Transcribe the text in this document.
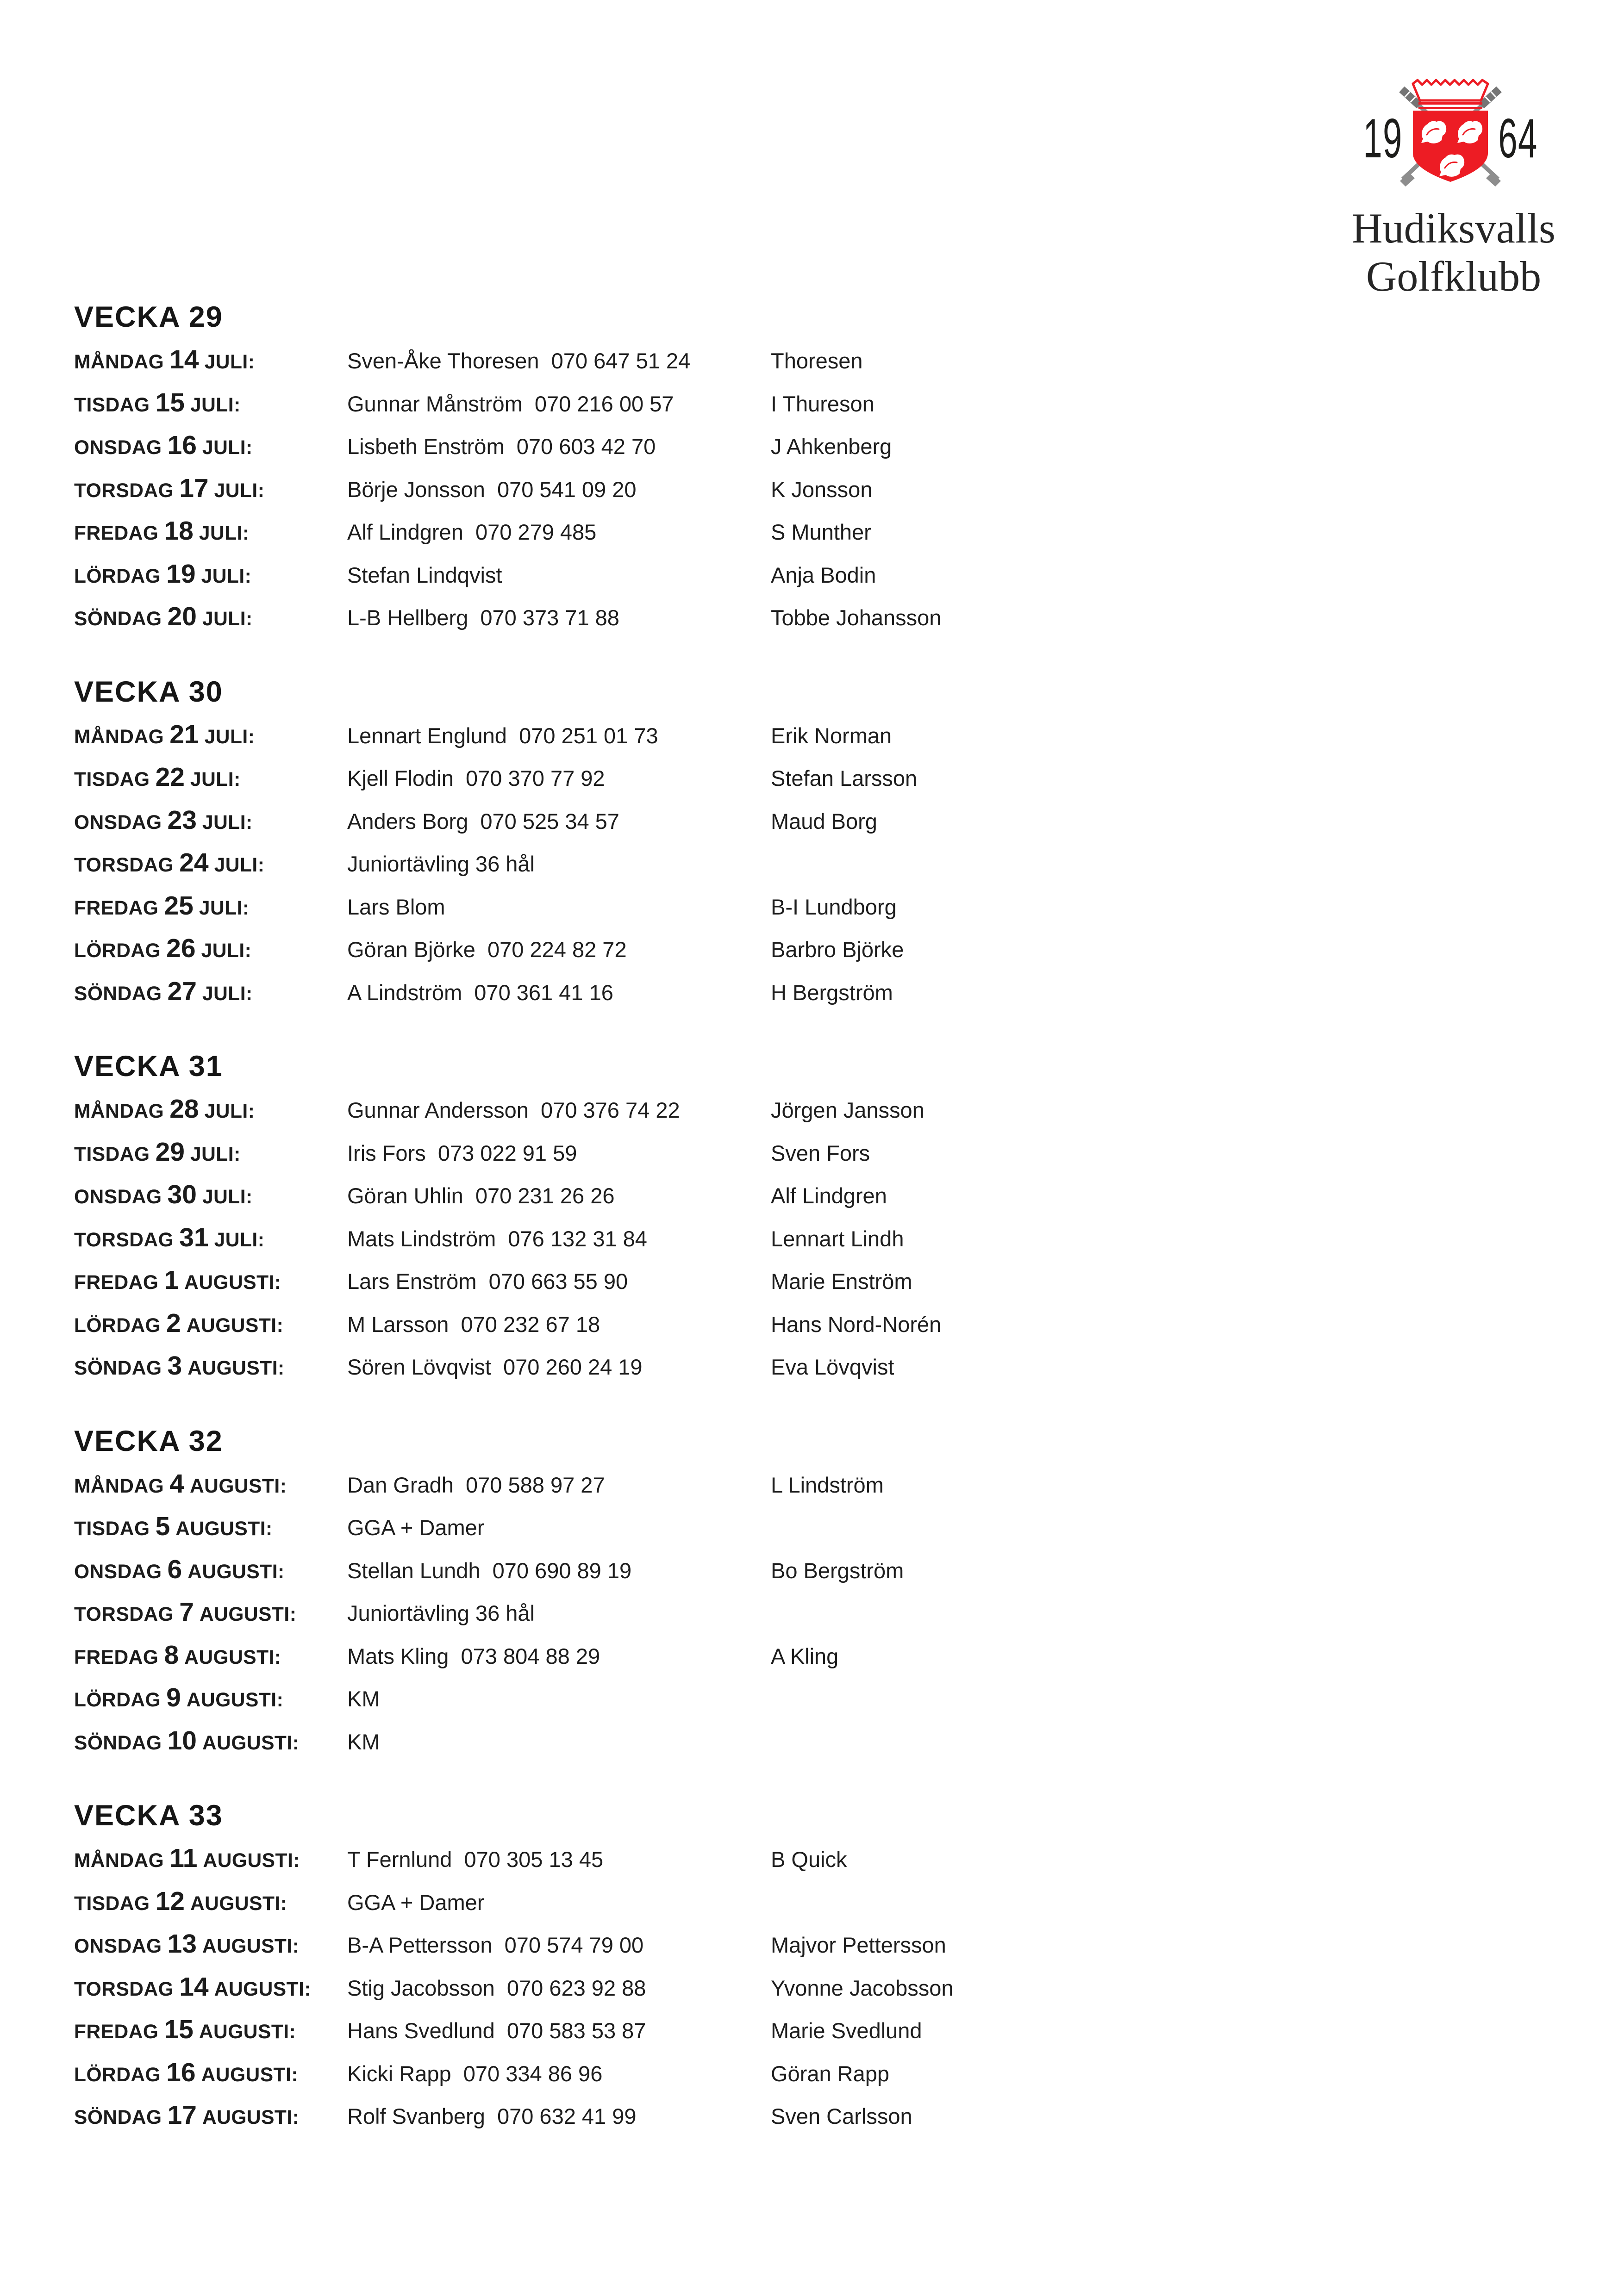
19 64
Hudiksvalls
Golfklubb
VECKA 29
MÅNDAG 14 JULI:	Sven-Åke Thoresen  070 647 51 24	Thoresen
TISDAG 15 JULI:	Gunnar Månström  070 216 00 57	I Thureson
ONSDAG 16 JULI:	Lisbeth Enström  070 603 42 70	J Ahkenberg
TORSDAG 17 JULI:	Börje Jonsson  070 541 09 20	K Jonsson
FREDAG 18 JULI:	Alf Lindgren  070 279 485	S Munther
LÖRDAG 19 JULI:	Stefan Lindqvist	Anja Bodin
SÖNDAG 20 JULI:	L-B Hellberg  070 373 71 88	Tobbe Johansson
VECKA 30
MÅNDAG 21 JULI:	Lennart Englund  070 251 01 73	Erik Norman
TISDAG 22 JULI:	Kjell Flodin  070 370 77 92	Stefan Larsson
ONSDAG 23 JULI:	Anders Borg  070 525 34 57	Maud Borg
TORSDAG 24 JULI:	Juniortävling 36 hål
FREDAG 25 JULI:	Lars Blom	B-I Lundborg
LÖRDAG 26 JULI:	Göran Björke  070 224 82 72	Barbro Björke
SÖNDAG 27 JULI:	A Lindström  070 361 41 16	H Bergström
VECKA 31
MÅNDAG 28 JULI:	Gunnar Andersson  070 376 74 22	Jörgen Jansson
TISDAG 29 JULI:	Iris Fors  073 022 91 59	Sven Fors
ONSDAG 30 JULI:	Göran Uhlin  070 231 26 26	Alf Lindgren
TORSDAG 31 JULI:	Mats Lindström  076 132 31 84	Lennart Lindh
FREDAG 1 AUGUSTI:	Lars Enström  070 663 55 90	Marie Enström
LÖRDAG 2 AUGUSTI:	M Larsson  070 232 67 18	Hans Nord-Norén
SÖNDAG 3 AUGUSTI:	Sören Lövqvist  070 260 24 19	Eva Lövqvist
VECKA 32
MÅNDAG 4 AUGUSTI:	Dan Gradh  070 588 97 27	L Lindström
TISDAG 5 AUGUSTI:	GGA + Damer
ONSDAG 6 AUGUSTI:	Stellan Lundh  070 690 89 19	Bo Bergström
TORSDAG 7 AUGUSTI:	Juniortävling 36 hål
FREDAG 8 AUGUSTI:	Mats Kling  073 804 88 29	A Kling
LÖRDAG 9 AUGUSTI:	KM
SÖNDAG 10 AUGUSTI:	KM
VECKA 33
MÅNDAG 11 AUGUSTI:	T Fernlund  070 305 13 45	B Quick
TISDAG 12 AUGUSTI:	GGA + Damer
ONSDAG 13 AUGUSTI:	B-A Pettersson  070 574 79 00	Majvor Pettersson
TORSDAG 14 AUGUSTI:	Stig Jacobsson  070 623 92 88	Yvonne Jacobsson
FREDAG 15 AUGUSTI:	Hans Svedlund  070 583 53 87	Marie Svedlund
LÖRDAG 16 AUGUSTI:	Kicki Rapp  070 334 86 96	Göran Rapp
SÖNDAG 17 AUGUSTI:	Rolf Svanberg  070 632 41 99	Sven Carlsson
